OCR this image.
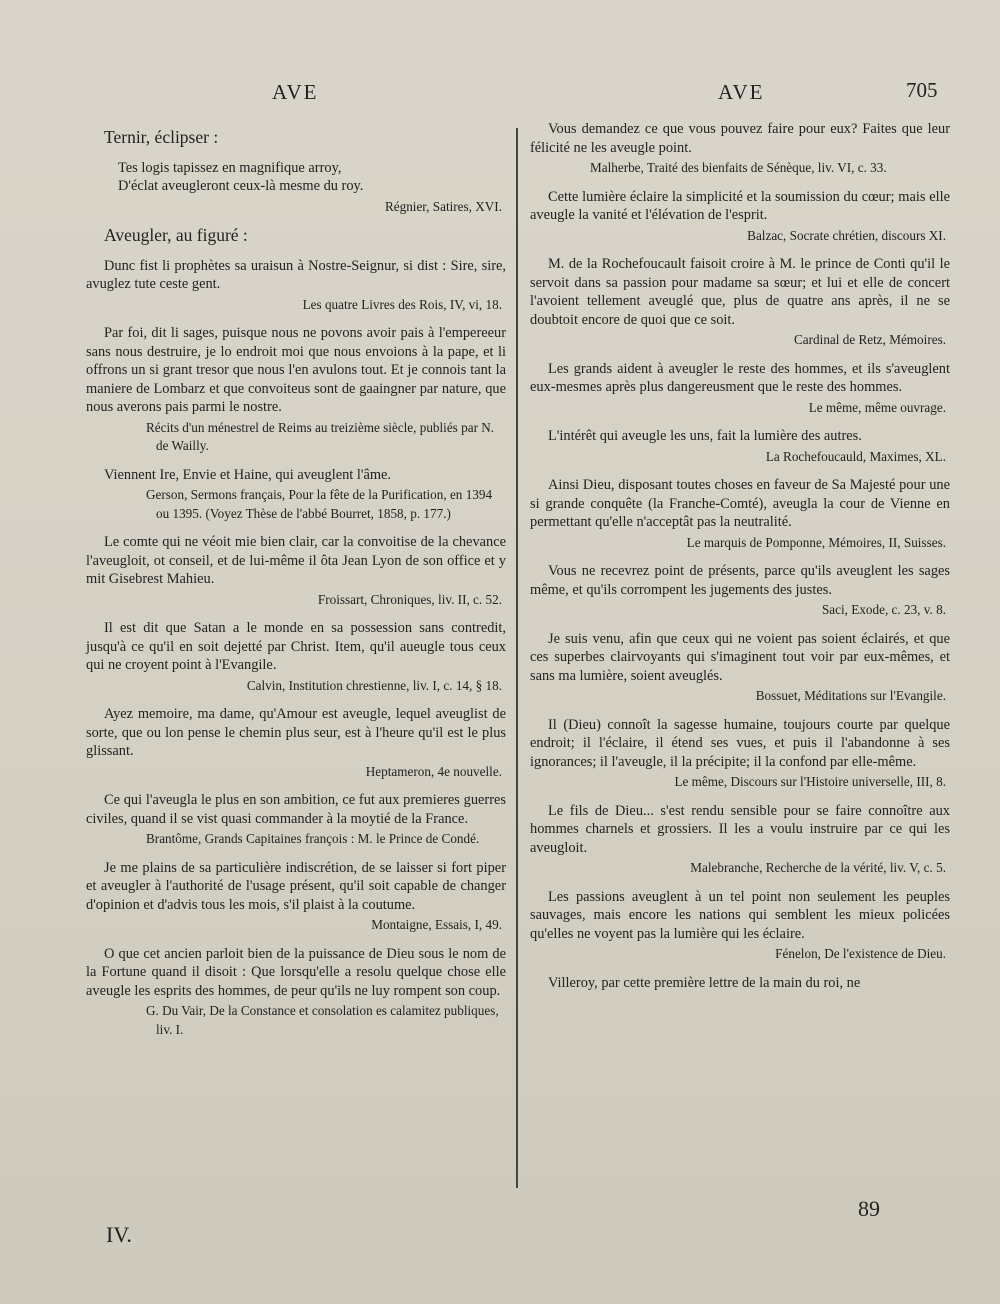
AVE	AVE	705
Ternir, éclipser :
Tes logis tapissez en magnifique arroy,
D'éclat aveugleront ceux-là mesme du roy.
Régnier, Satires, XVI.
Aveugler, au figuré :

Dunc fist li prophètes sa uraisun à Nostre-Seignur, si dist : Sire, sire, avuglez tute ceste gent.

Les quatre Livres des Rois, IV, vi, 18.

Par foi, dit li sages, puisque nous ne povons avoir pais à l'empereeur sans nous destruire, je lo endroit moi que nous envoions à la pape, et li offrons un si grant tresor que nous l'en avulons tout. Et je connois tant la maniere de Lombarz et que convoiteus sont de gaaingner par nature, que nous averons pais parmi le nostre.

Récits d'un ménestrel de Reims au treizième siècle, publiés par N. de Wailly.

Viennent Ire, Envie et Haine, qui aveuglent l'âme.

Gerson, Sermons français, Pour la fête de la Purification, en 1394 ou 1395. (Voyez Thèse de l'abbé Bourret, 1858, p. 177.)

Le comte qui ne véoit mie bien clair, car la convoitise de la chevance l'aveugloit, ot conseil, et de lui-même il ôta Jean Lyon de son office et y mit Gisebrest Mahieu.

Froissart, Chroniques, liv. II, c. 52.

Il est dit que Satan a le monde en sa possession sans contredit, jusqu'à ce qu'il en soit dejetté par Christ. Item, qu'il aueugle tous ceux qui ne croyent point à l'Evangile.

Calvin, Institution chrestienne, liv. I, c. 14, § 18.

Ayez memoire, ma dame, qu'Amour est aveugle, lequel aveuglist de sorte, que ou lon pense le chemin plus seur, est à l'heure qu'il est le plus glissant.

Heptameron, 4e nouvelle.

Ce qui l'aveugla le plus en son ambition, ce fut aux premieres guerres civiles, quand il se vist quasi commander à la moytié de la France.

Brantôme, Grands Capitaines françois : M. le Prince de Condé.

Je me plains de sa particulière indiscrétion, de se laisser si fort piper et aveugler à l'authorité de l'usage présent, qu'il soit capable de changer d'opinion et d'advis tous les mois, s'il plaist à la coutume.

Montaigne, Essais, I, 49.

O que cet ancien parloit bien de la puissance de Dieu sous le nom de la Fortune quand il disoit : Que lorsqu'elle a resolu quelque chose elle aveugle les esprits des hommes, de peur qu'ils ne luy rompent son coup.

G. Du Vair, De la Constance et consolation es calamitez publiques, liv. I.

Vous demandez ce que vous pouvez faire pour eux? Faites que leur félicité ne les aveugle point.

Malherbe, Traité des bienfaits de Sénèque, liv. VI, c. 33.

Cette lumière éclaire la simplicité et la soumission du cœur; mais elle aveugle la vanité et l'élévation de l'esprit.

Balzac, Socrate chrétien, discours XI.

M. de la Rochefoucault faisoit croire à M. le prince de Conti qu'il le servoit dans sa passion pour madame sa sœur; et lui et elle de concert l'avoient tellement aveuglé que, plus de quatre ans après, il ne se doubtoit encore de quoi que ce soit.

Cardinal de Retz, Mémoires.

Les grands aident à aveugler le reste des hommes, et ils s'aveuglent eux-mesmes après plus dangereusment que le reste des hommes.

Le même, même ouvrage.

L'intérêt qui aveugle les uns, fait la lumière des autres.

La Rochefoucauld, Maximes, XL.

Ainsi Dieu, disposant toutes choses en faveur de Sa Majesté pour une si grande conquête (la Franche-Comté), aveugla la cour de Vienne en permettant qu'elle n'acceptât pas la neutralité.

Le marquis de Pomponne, Mémoires, II, Suisses.

Vous ne recevrez point de présents, parce qu'ils aveuglent les sages même, et qu'ils corrompent les jugements des justes.

Saci, Exode, c. 23, v. 8.

Je suis venu, afin que ceux qui ne voient pas soient éclairés, et que ces superbes clairvoyants qui s'imaginent tout voir par eux-mêmes, et sans ma lumière, soient aveuglés.

Bossuet, Méditations sur l'Evangile.

Il (Dieu) connoît la sagesse humaine, toujours courte par quelque endroit; il l'éclaire, il étend ses vues, et puis il l'abandonne à ses ignorances; il l'aveugle, il la précipite; il la confond par elle-même.

Le même, Discours sur l'Histoire universelle, III, 8.

Le fils de Dieu... s'est rendu sensible pour se faire connoître aux hommes charnels et grossiers. Il les a voulu instruire par ce qui les aveugloit.

Malebranche, Recherche de la vérité, liv. V, c. 5.

Les passions aveuglent à un tel point non seulement les peuples sauvages, mais encore les nations qui semblent les mieux policées qu'elles ne voyent pas la lumière qui les éclaire.

Fénelon, De l'existence de Dieu.

Villeroy, par cette première lettre de la main du roi, ne

IV.
89
